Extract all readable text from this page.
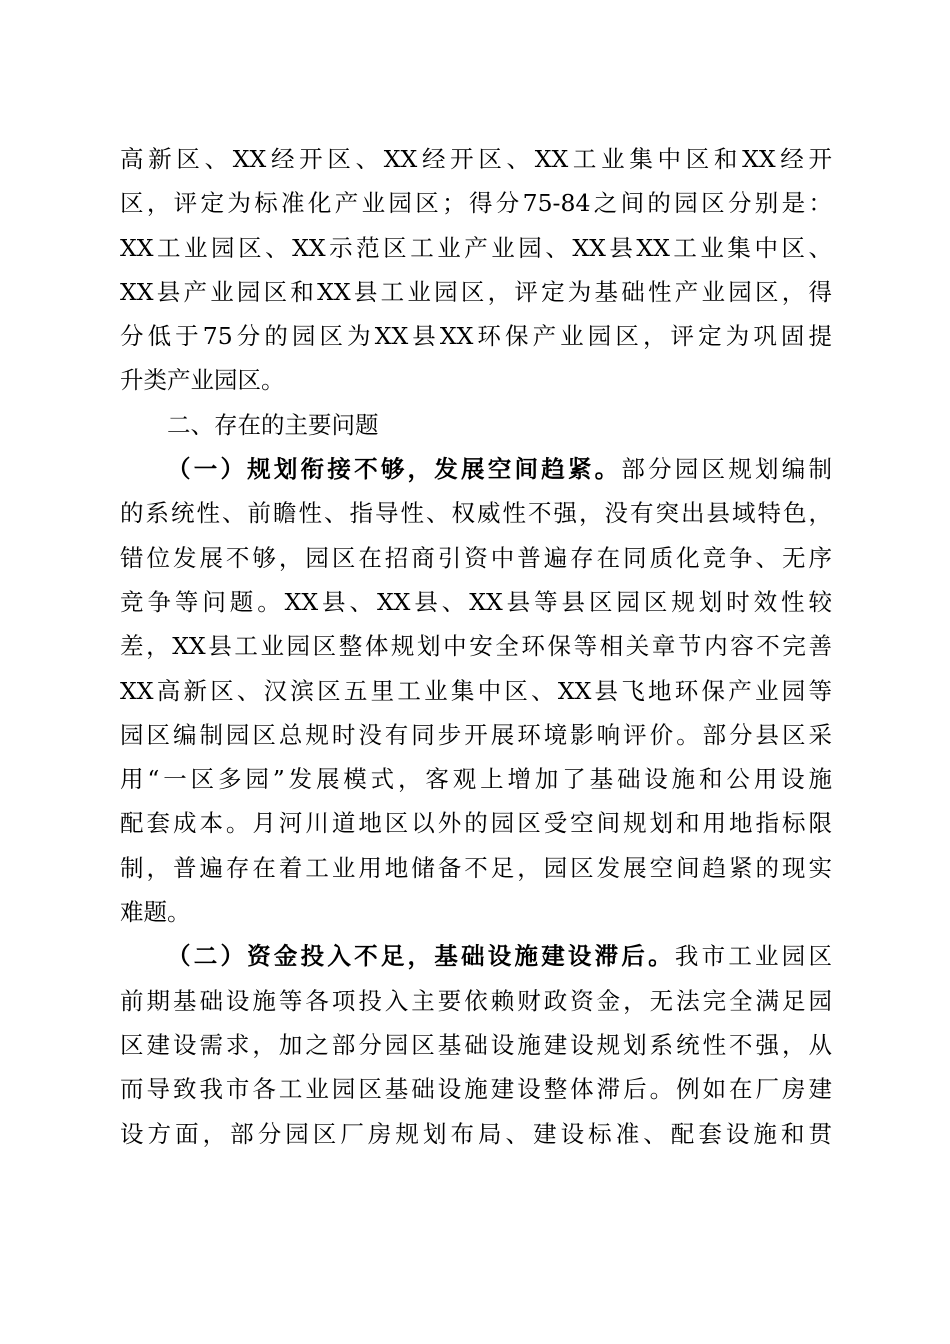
高新区、XX经开区、XX经开区、XX工业集中区和XX经开
区，评定为标准化产业园区；得分75-84之间的园区分别是：
XX工业园区、XX示范区工业产业园、XX县XX工业集中区、
XX县产业园区和XX县工业园区，评定为基础性产业园区，得
分低于75分的园区为XX县XX环保产业园区，评定为巩固提
升类产业园区。
二、存在的主要问题
（一）规划衔接不够，发展空间趋紧。部分园区规划编制
的系统性、前瞻性、指导性、权威性不强，没有突出县域特色，
错位发展不够，园区在招商引资中普遍存在同质化竞争、无序
竞争等问题。XX县、XX县、XX县等县区园区规划时效性较
差，XX县工业园区整体规划中安全环保等相关章节内容不完善
XX高新区、汉滨区五里工业集中区、XX县飞地环保产业园等
园区编制园区总规时没有同步开展环境影响评价。部分县区采
用“一区多园”发展模式，客观上增加了基础设施和公用设施
配套成本。月河川道地区以外的园区受空间规划和用地指标限
制，普遍存在着工业用地储备不足，园区发展空间趋紧的现实
难题。
（二）资金投入不足，基础设施建设滞后。我市工业园区
前期基础设施等各项投入主要依赖财政资金，无法完全满足园
区建设需求，加之部分园区基础设施建设规划系统性不强，从
而导致我市各工业园区基础设施建设整体滞后。例如在厂房建
设方面，部分园区厂房规划布局、建设标准、配套设施和贯
